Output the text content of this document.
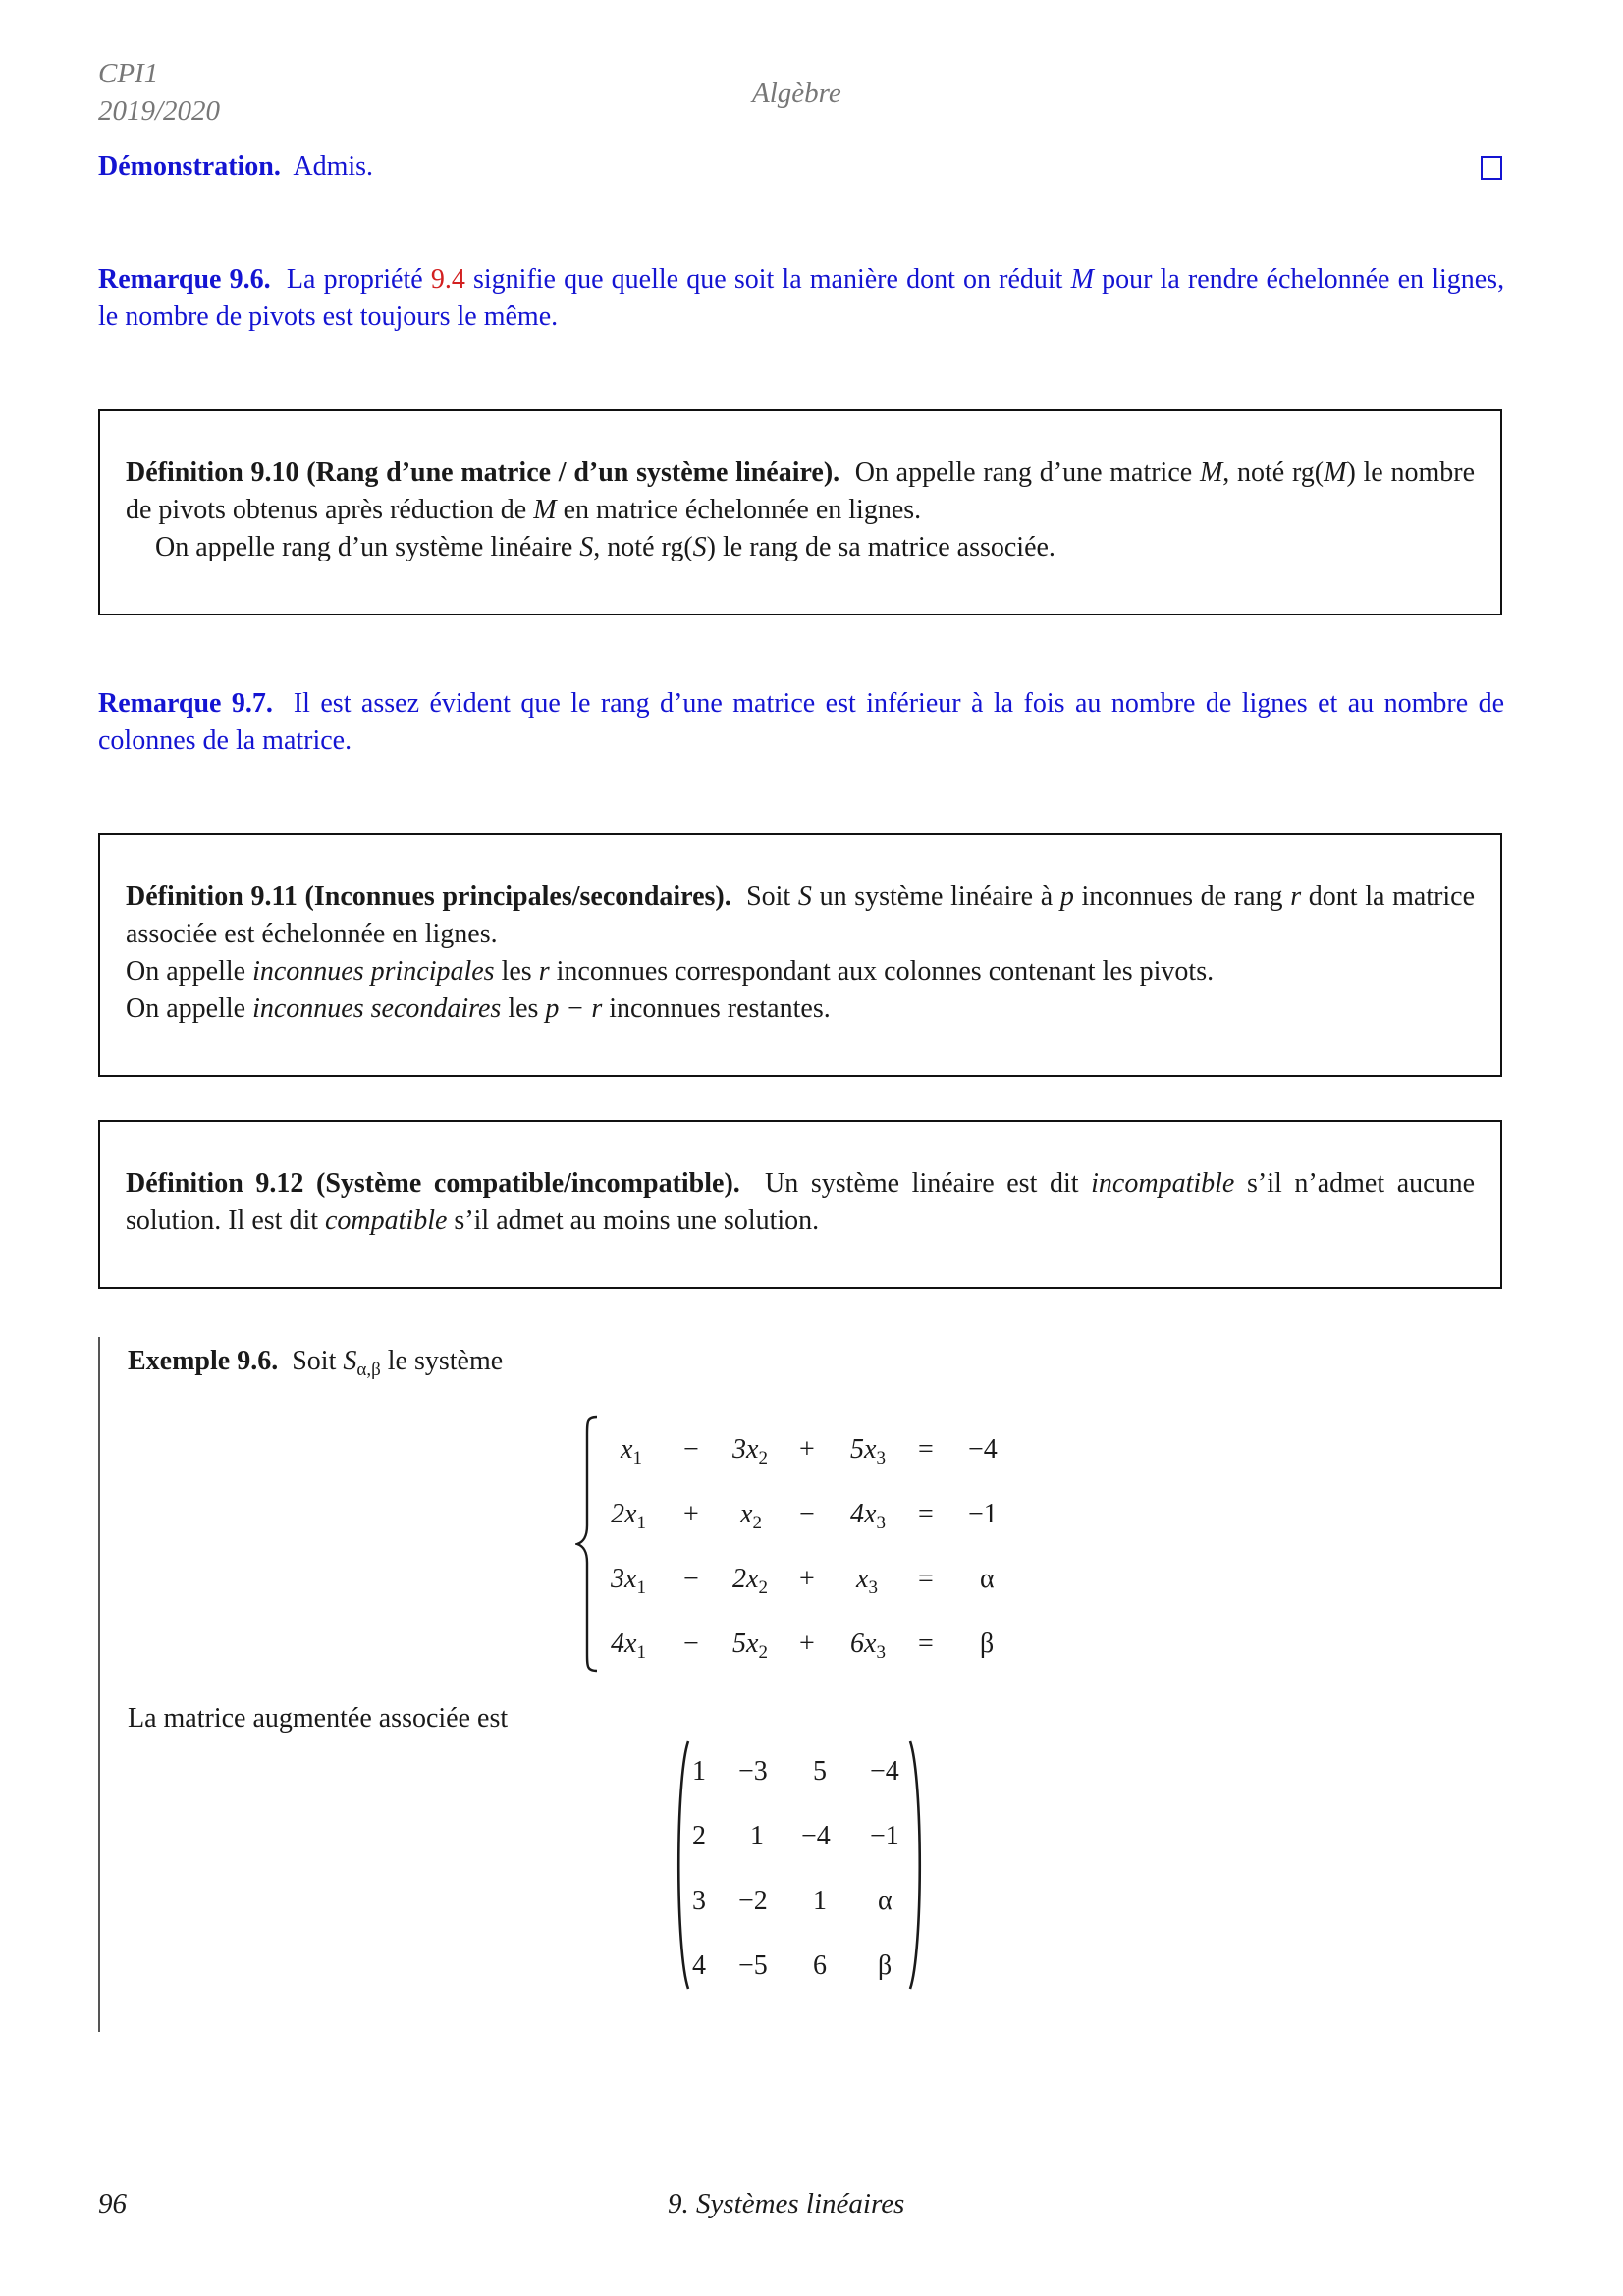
CPI1
2019/2020
Algèbre
Démonstration. Admis.
Remarque 9.6. La propriété 9.4 signifie que quelle que soit la manière dont on réduit M pour la rendre échelonnée en lignes, le nombre de pivots est toujours le même.
Définition 9.10 (Rang d’une matrice / d’un système linéaire). On appelle rang d’une matrice M, noté rg(M) le nombre de pivots obtenus après réduction de M en matrice échelonnée en lignes.
On appelle rang d’un système linéaire S, noté rg(S) le rang de sa matrice associée.
Remarque 9.7. Il est assez évident que le rang d’une matrice est inférieur à la fois au nombre de lignes et au nombre de colonnes de la matrice.
Définition 9.11 (Inconnues principales/secondaires). Soit S un système linéaire à p inconnues de rang r dont la matrice associée est échelonnée en lignes.
On appelle inconnues principales les r inconnues correspondant aux colonnes contenant les pivots.
On appelle inconnues secondaires les p − r inconnues restantes.
Définition 9.12 (Système compatible/incompatible). Un système linéaire est dit incompatible s’il n’admet aucune solution. Il est dit compatible s’il admet au moins une solution.
Exemple 9.6. Soit $S_{\alpha,\beta}$ le système
$x_1 - 3x_2 + 5x_3 = -4$
$2x_1 + x_2 - 4x_3 = -1$
$3x_1 - 2x_2 + x_3 = \alpha$
$4x_1 - 5x_2 + 6x_3 = \beta$
La matrice augmentée associée est
1 −3 5 −4
2 1 −4 −1
3 −2 1 α
4 −5 6 β
96	9. Systèmes linéaires
